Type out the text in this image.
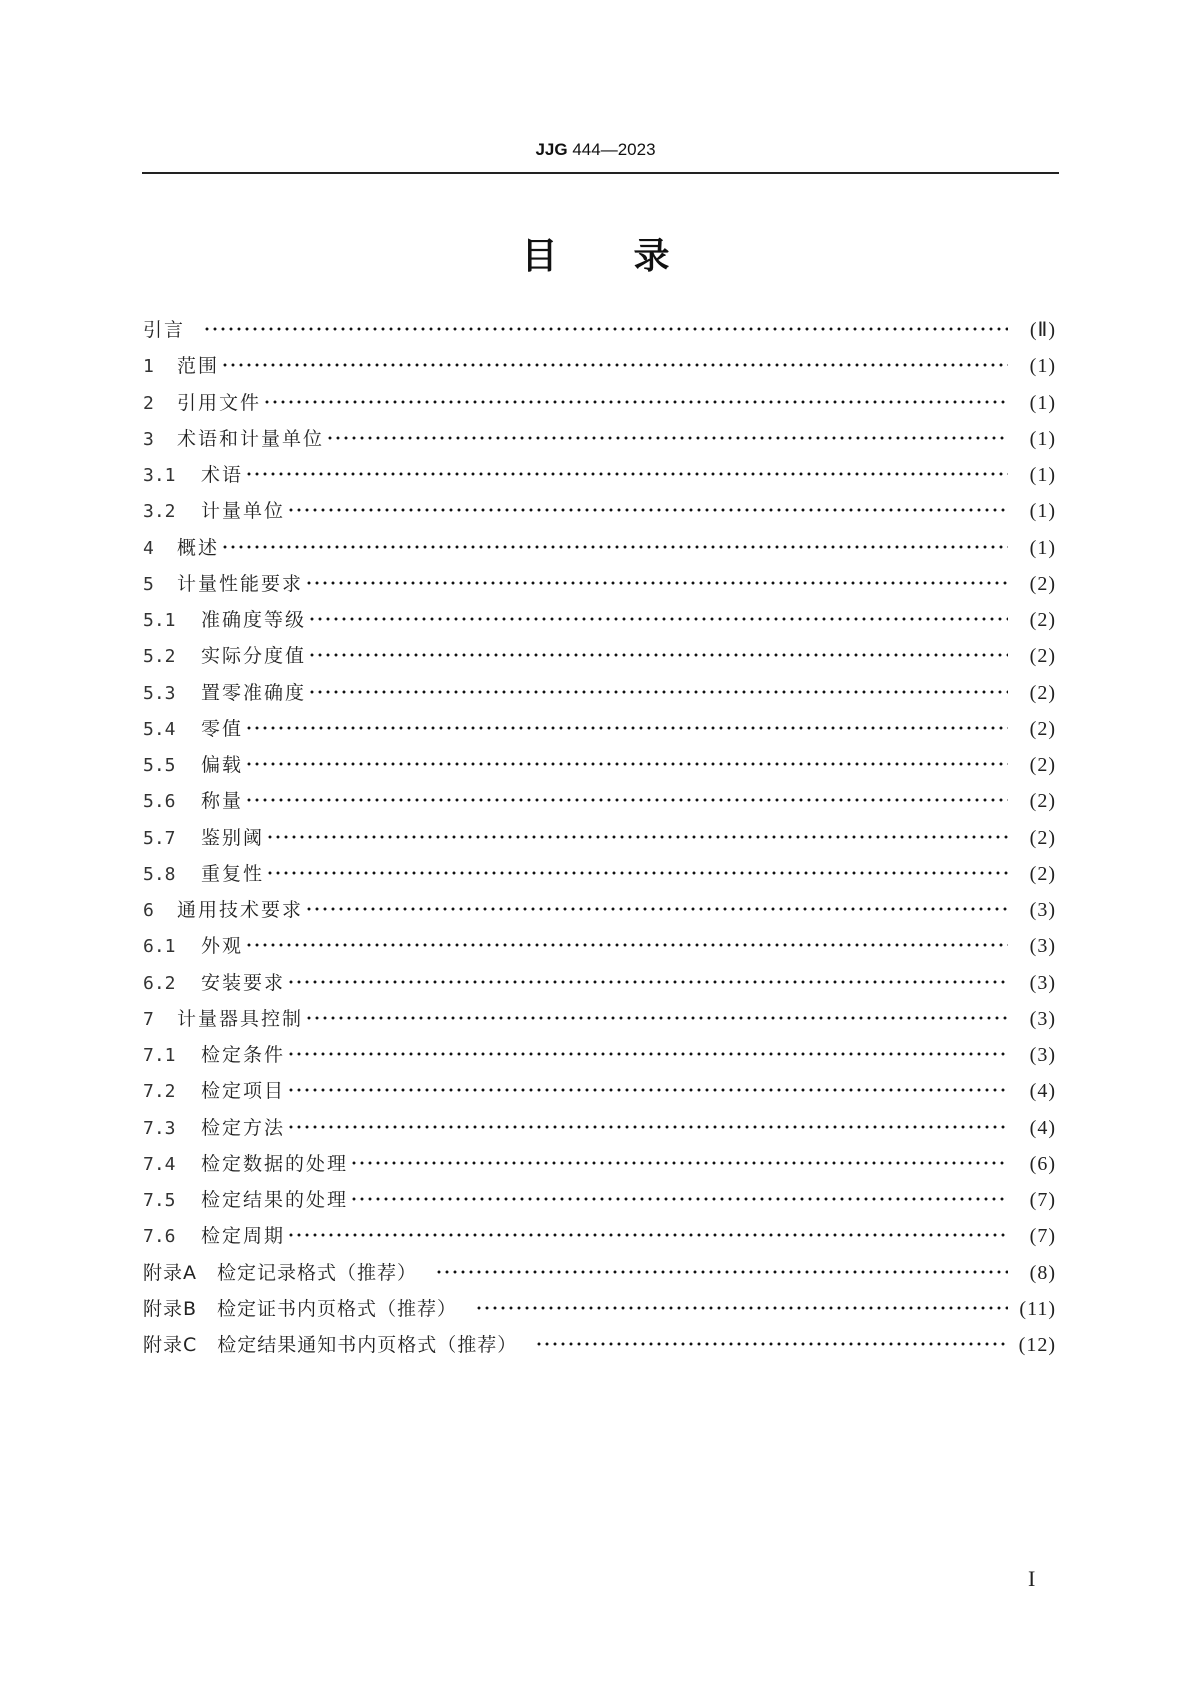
JJG 444—2023
目 录
引言	(Ⅱ)
1	范围	(1)
2	引用文件	(1)
3	术语和计量单位	(1)
3.1	术语	(1)
3.2	计量单位	(1)
4	概述	(1)
5	计量性能要求	(2)
5.1	准确度等级	(2)
5.2	实际分度值	(2)
5.3	置零准确度	(2)
5.4	零值	(2)
5.5	偏载	(2)
5.6	称量	(2)
5.7	鉴别阈	(2)
5.8	重复性	(2)
6	通用技术要求	(3)
6.1	外观	(3)
6.2	安装要求	(3)
7	计量器具控制	(3)
7.1	检定条件	(3)
7.2	检定项目	(4)
7.3	检定方法	(4)
7.4	检定数据的处理	(6)
7.5	检定结果的处理	(7)
7.6	检定周期	(7)
附录A　检定记录格式（推荐）	(8)
附录B　检定证书内页格式（推荐）	(11)
附录C　检定结果通知书内页格式（推荐）	(12)
I
